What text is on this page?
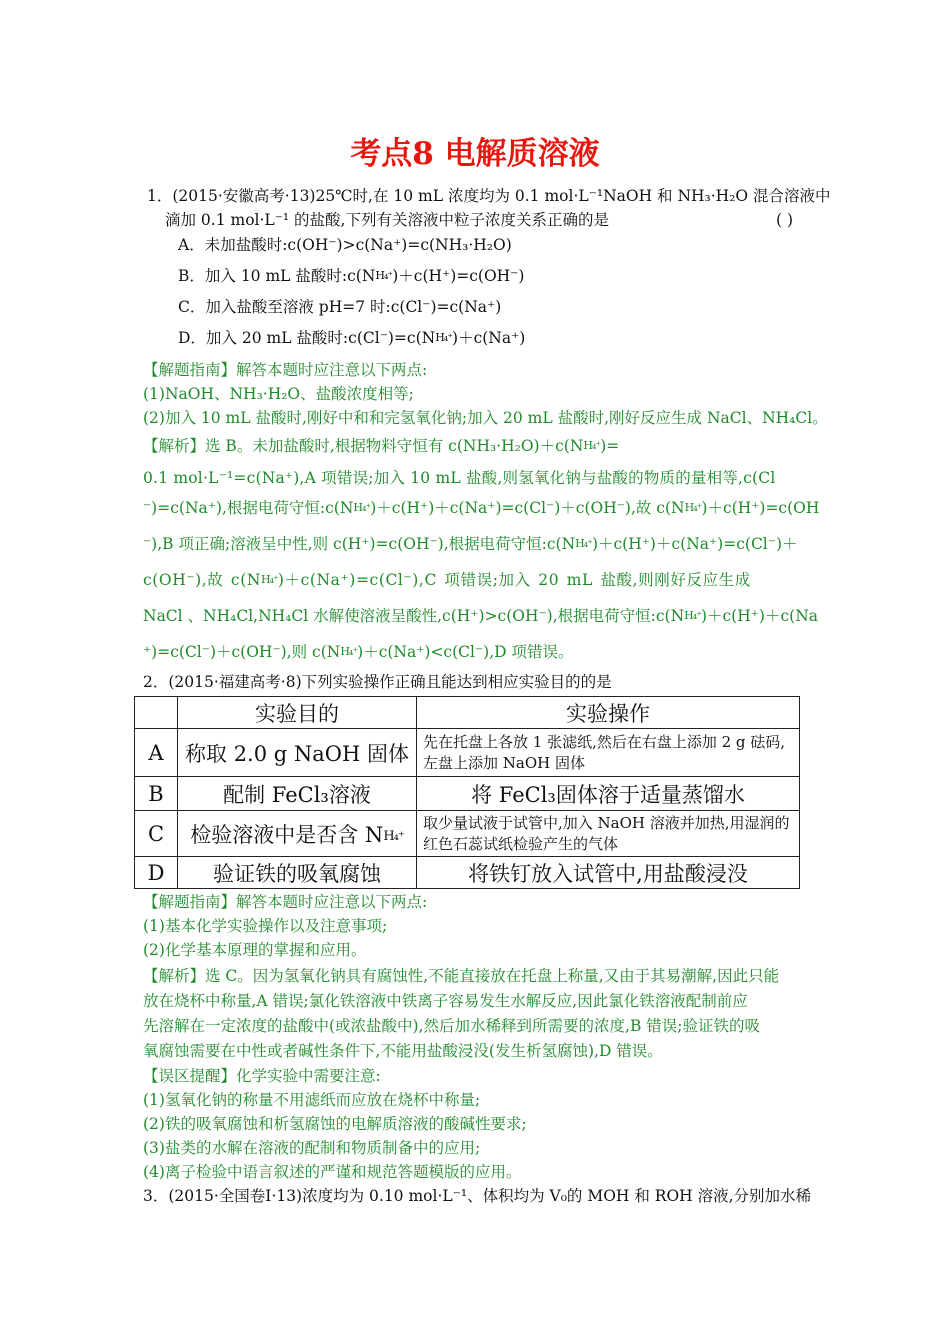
考点8 电解质溶液
1．(2015·安徽高考·13)25℃时,在 10 mL 浓度均为 0.1 mol·L⁻¹NaOH 和 NH₃·H₂O 混合溶液中
滴加 0.1 mol·L⁻¹ 的盐酸,下列有关溶液中粒子浓度关系正确的是	( )
A．未加盐酸时:c(OH⁻)>c(Na⁺)=c(NH₃·H₂O)
B．加入 10 mL 盐酸时:c(NH₄⁺)＋c(H⁺)=c(OH⁻)
C．加入盐酸至溶液 pH=7 时:c(Cl⁻)=c(Na⁺)
D．加入 20 mL 盐酸时:c(Cl⁻)=c(NH₄⁺)＋c(Na⁺)
【解题指南】解答本题时应注意以下两点:
(1)NaOH、NH₃·H₂O、盐酸浓度相等;
(2)加入 10 mL 盐酸时,刚好中和和完氢氧化钠;加入 20 mL 盐酸时,刚好反应生成 NaCl、NH₄Cl。
【解析】选 B。未加盐酸时,根据物料守恒有 c(NH₃·H₂O)＋c(NH₄⁺)=
0.1 mol·L⁻¹=c(Na⁺),A 项错误;加入 10 mL 盐酸,则氢氧化钠与盐酸的物质的量相等,c(Cl
⁻)=c(Na⁺),根据电荷守恒:c(NH₄⁺)＋c(H⁺)＋c(Na⁺)=c(Cl⁻)＋c(OH⁻),故 c(NH₄⁺)＋c(H⁺)=c(OH
⁻),B 项正确;溶液呈中性,则 c(H⁺)=c(OH⁻),根据电荷守恒:c(NH₄⁺)＋c(H⁺)＋c(Na⁺)=c(Cl⁻)＋
c(OH⁻),故 c(NH₄⁺)＋c(Na⁺)=c(Cl⁻),C 项错误;加入 20 mL 盐酸,则刚好反应生成
NaCl 、NH₄Cl,NH₄Cl 水解使溶液呈酸性,c(H⁺)>c(OH⁻),根据电荷守恒:c(NH₄⁺)＋c(H⁺)＋c(Na
⁺)=c(Cl⁻)＋c(OH⁻),则 c(NH₄⁺)＋c(Na⁺)<c(Cl⁻),D 项错误。
2．(2015·福建高考·8)下列实验操作正确且能达到相应实验目的的是
	实验目的	实验操作
A	称取 2.0 g NaOH 固体	先在托盘上各放 1 张滤纸,然后在右盘上添加 2 g 砝码,左盘上添加 NaOH 固体
B	配制 FeCl₃溶液	将 FeCl₃固体溶于适量蒸馏水
C	检验溶液中是否含 NH₄⁺	取少量试液于试管中,加入 NaOH 溶液并加热,用湿润的红色石蕊试纸检验产生的气体
D	验证铁的吸氧腐蚀	将铁钉放入试管中,用盐酸浸没
【解题指南】解答本题时应注意以下两点:
(1)基本化学实验操作以及注意事项;
(2)化学基本原理的掌握和应用。
【解析】选 C。因为氢氧化钠具有腐蚀性,不能直接放在托盘上称量,又由于其易潮解,因此只能
放在烧杯中称量,A 错误;氯化铁溶液中铁离子容易发生水解反应,因此氯化铁溶液配制前应
先溶解在一定浓度的盐酸中(或浓盐酸中),然后加水稀释到所需要的浓度,B 错误;验证铁的吸
氧腐蚀需要在中性或者碱性条件下,不能用盐酸浸没(发生析氢腐蚀),D 错误。
【误区提醒】化学实验中需要注意:
(1)氢氧化钠的称量不用滤纸而应放在烧杯中称量;
(2)铁的吸氧腐蚀和析氢腐蚀的电解质溶液的酸碱性要求;
(3)盐类的水解在溶液的配制和物质制备中的应用;
(4)离子检验中语言叙述的严谨和规范答题模版的应用。
3．(2015·全国卷Ⅰ·13)浓度均为 0.10 mol·L⁻¹、体积均为 V₀的 MOH 和 ROH 溶液,分别加水稀
